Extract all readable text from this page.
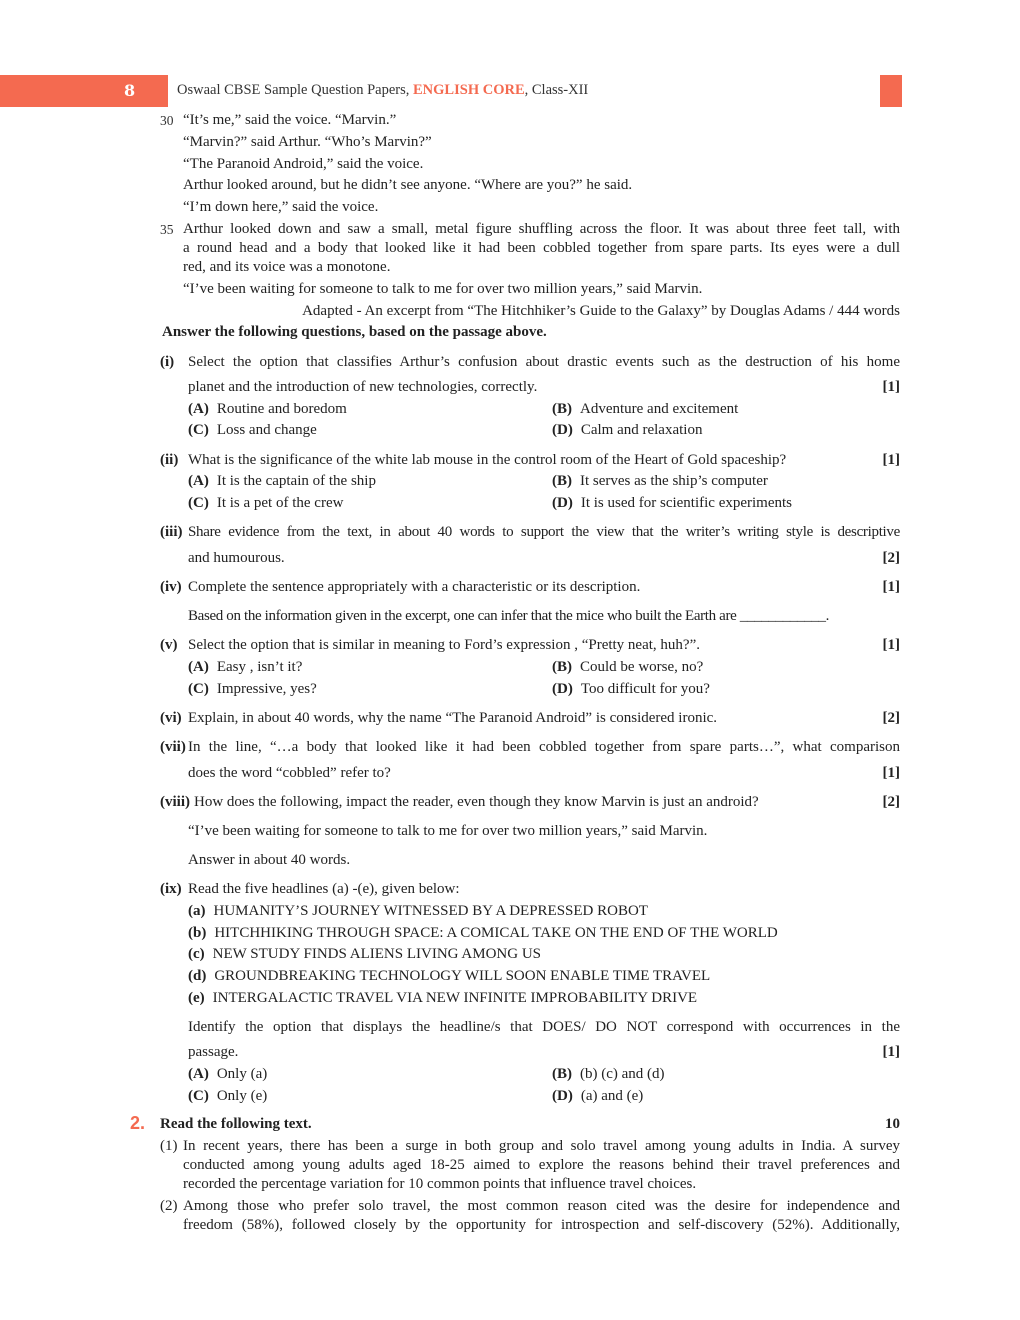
8	Oswaal CBSE Sample Question Papers, ENGLISH CORE, Class-XII
30 “It’s me,” said the voice. “Marvin.”
“Marvin?” said Arthur. “Who’s Marvin?”
“The Paranoid Android,” said the voice.
Arthur looked around, but he didn’t see anyone. “Where are you?” he said.
“I’m down here,” said the voice.
35 Arthur looked down and saw a small, metal figure shuffling across the floor. It was about three feet tall, with
a round head and a body that looked like it had been cobbled together from spare parts. Its eyes were a dull
red, and its voice was a monotone.
“I’ve been waiting for someone to talk to me for over two million years,” said Marvin.
Adapted - An excerpt from “The Hitchhiker’s Guide to the Galaxy” by Douglas Adams / 444 words
Answer the following questions, based on the passage above.
(i) Select the option that classifies Arthur’s confusion about drastic events such as the destruction of his home
planet and the introduction of new technologies, correctly.	[1]
(A) Routine and boredom	(B) Adventure and excitement
(C) Loss and change	(D) Calm and relaxation
(ii) What is the significance of the white lab mouse in the control room of the Heart of Gold spaceship?	[1]
(A) It is the captain of the ship	(B) It serves as the ship’s computer
(C) It is a pet of the crew	(D) It is used for scientific experiments
(iii) Share evidence from the text, in about 40 words to support the view that the writer’s writing style is descriptive
and humourous.	[2]
(iv) Complete the sentence appropriately with a characteristic or its description.	[1]
Based on the information given in the excerpt, one can infer that the mice who built the Earth are ____________.
(v) Select the option that is similar in meaning to Ford’s expression , “Pretty neat, huh?”.	[1]
(A) Easy , isn’t it?	(B) Could be worse, no?
(C) Impressive, yes?	(D) Too difficult for you?
(vi) Explain, in about 40 words, why the name “The Paranoid Android” is considered ironic.	[2]
(vii) In the line, “…a body that looked like it had been cobbled together from spare parts…”, what comparison
does the word “cobbled” refer to?	[1]
(viii) How does the following, impact the reader, even though they know Marvin is just an android?	[2]
“I’ve been waiting for someone to talk to me for over two million years,” said Marvin.
Answer in about 40 words.
(ix) Read the five headlines (a) -(e), given below:
(a) HUMANITY’S JOURNEY WITNESSED BY A DEPRESSED ROBOT
(b) HITCHHIKING THROUGH SPACE: A COMICAL TAKE ON THE END OF THE WORLD
(c) NEW STUDY FINDS ALIENS LIVING AMONG US
(d) GROUNDBREAKING TECHNOLOGY WILL SOON ENABLE TIME TRAVEL
(e) INTERGALACTIC TRAVEL VIA NEW INFINITE IMPROBABILITY DRIVE
Identify the option that displays the headline/s that DOES/ DO NOT correspond with occurrences in the
passage.	[1]
(A) Only (a)	(B) (b) (c) and (d)
(C) Only (e)	(D) (a) and (e)
2. Read the following text.	10
(1) In recent years, there has been a surge in both group and solo travel among young adults in India. A survey
conducted among young adults aged 18-25 aimed to explore the reasons behind their travel preferences and
recorded the percentage variation for 10 common points that influence travel choices.
(2) Among those who prefer solo travel, the most common reason cited was the desire for independence and
freedom (58%), followed closely by the opportunity for introspection and self-discovery (52%). Additionally,
